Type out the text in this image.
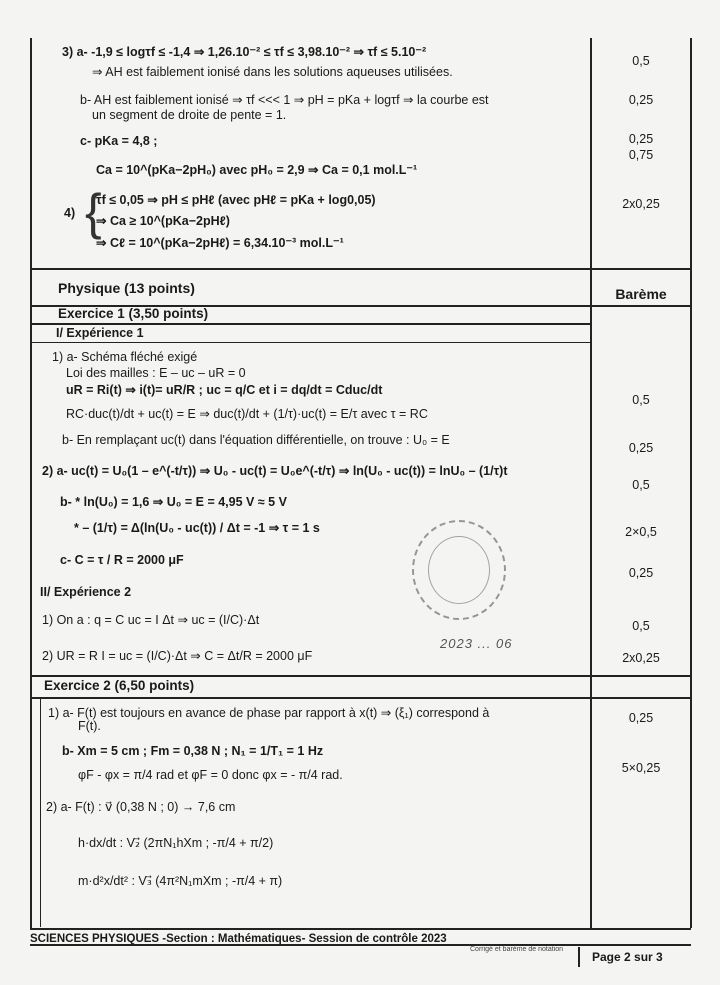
3) a- -1,9 ≤ logτf ≤ -1,4 ⇒ 1,26.10⁻² ≤ τf ≤ 3,98.10⁻² ⇒ τf ≤ 5.10⁻²
⇒ AH est faiblement ionisé dans les solutions aqueuses utilisées.
b- AH est faiblement ionisé ⇒ τf <<< 1 ⇒ pH = pKa + logτf ⇒ la courbe est
un segment de droite de pente = 1.
c- pKa = 4,8 ;
Ca = 10^(pKa−2pH₀) avec pH₀ = 2,9 ⇒ Ca = 0,1 mol.L⁻¹
{
4)
τf ≤ 0,05 ⇒ pH ≤ pHℓ (avec pHℓ = pKa + log0,05)
⇒ Ca ≥ 10^(pKa−2pHℓ)
⇒ Cℓ = 10^(pKa−2pHℓ) = 6,34.10⁻³ mol.L⁻¹
0,5
0,25
0,25
0,75
2x0,25
Physique (13 points)	Barème
Exercice 1 (3,50 points)
I/ Expérience 1
1) a- Schéma fléché exigé
Loi des mailles : E – uc – uR = 0
uR = Ri(t) ⇒ i(t)= uR/R ; uc = q/C et i = dq/dt = Cduc/dt
RC·duc(t)/dt + uc(t) = E ⇒ duc(t)/dt + (1/τ)·uc(t) = E/τ avec τ = RC
b- En remplaçant uc(t) dans l'équation différentielle, on trouve : U₀ = E
2) a- uc(t) = U₀(1 – e^(-t/τ)) ⇒ U₀ - uc(t) = U₀e^(-t/τ) ⇒ ln(U₀ - uc(t)) = lnU₀ – (1/τ)t
b- * ln(U₀) = 1,6 ⇒ U₀ = E = 4,95 V ≈ 5 V
* – (1/τ) = Δ(ln(U₀ - uc(t)) / Δt = -1 ⇒ τ = 1 s
c- C = τ / R = 2000 μF
II/ Expérience 2
1) On a : q = C uc = I Δt ⇒ uc = (I/C)·Δt
2) UR = R I = uc = (I/C)·Δt ⇒ C = Δt/R = 2000 μF
2023 ... 06
0,5
0,25
0,5
2×0,5
0,25
0,5
2x0,25
Exercice 2 (6,50 points)
1) a- F(t) est toujours en avance de phase par rapport à x(t) ⇒ (ξ₁) correspond à
F(t).
b- Xm = 5 cm ; Fm = 0,38 N ; N₁ = 1/T₁ = 1 Hz
φF - φx = π/4 rad et φF = 0 donc φx = - π/4 rad.
2) a- F(t) : v⃗ (0,38 N ; 0) → 7,6 cm
h·dx/dt : V₂⃗ (2πN₁hXm ; -π/4 + π/2)
m·d²x/dt² : V₃⃗ (4π²N₁mXm ; -π/4 + π)
0,25
5×0,25
SCIENCES PHYSIQUES -Section : Mathématiques- Session de contrôle 2023
Corrigé et barème de notation
Page 2 sur 3
